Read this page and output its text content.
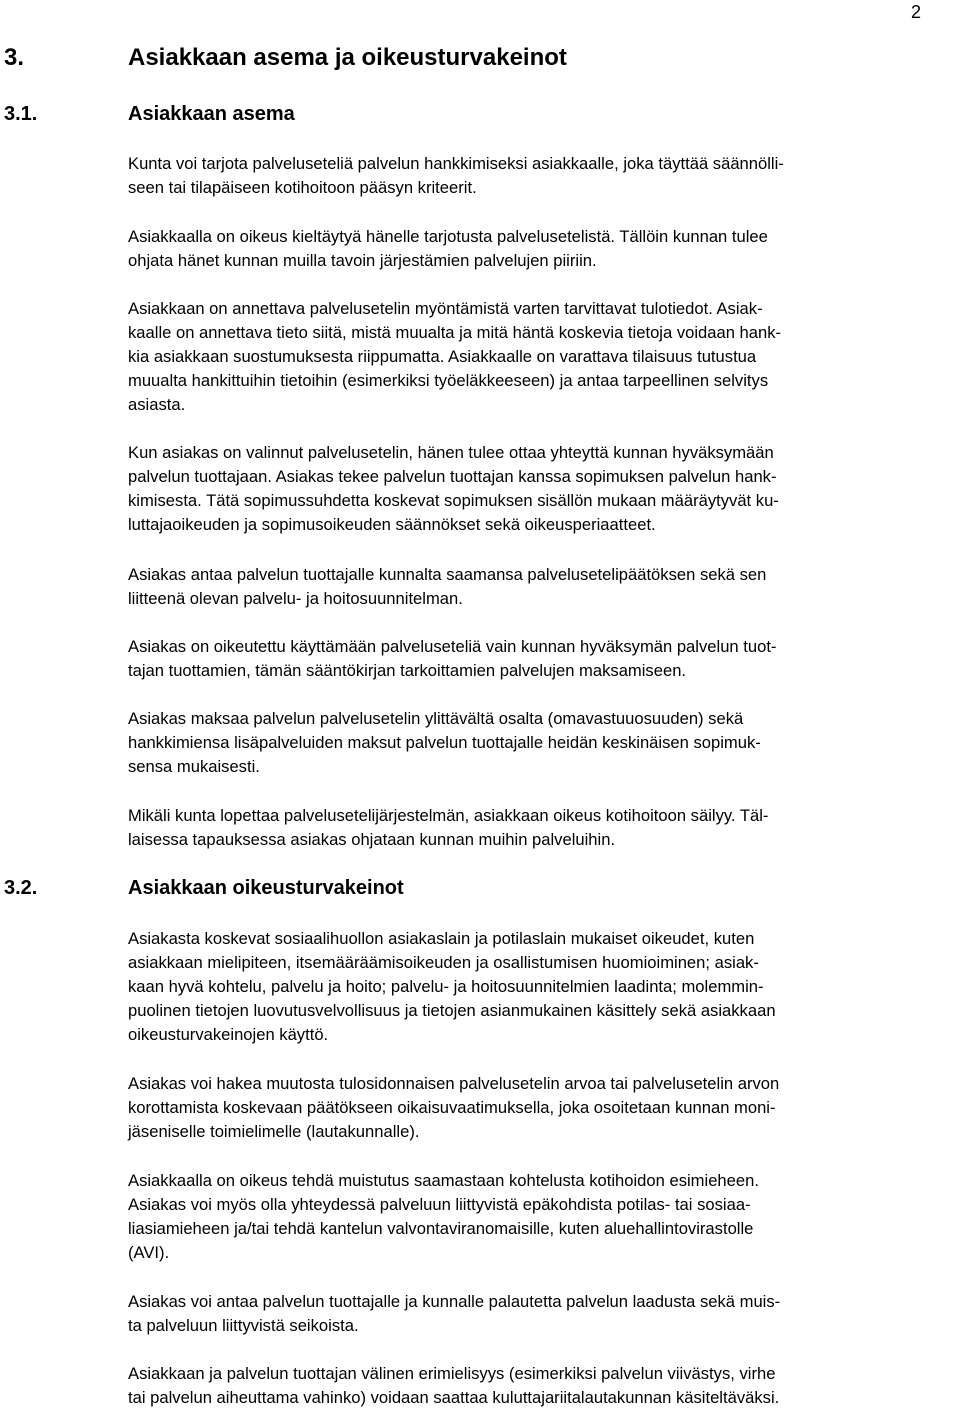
2
3.	Asiakkaan asema ja oikeusturvakeinot
3.1.	Asiakkaan asema
3.2.	Asiakkaan oikeusturvakeinot

Kunta voi tarjota palveluseteliä palvelun hankkimiseksi asiakkaalle, joka täyttää säännölli-
seen tai tilapäiseen kotihoitoon pääsyn kriteerit.

Asiakkaalla on oikeus kieltäytyä hänelle tarjotusta palvelusetelistä. Tällöin kunnan tulee
ohjata hänet kunnan muilla tavoin järjestämien palvelujen piiriin.

Asiakkaan on annettava palvelusetelin myöntämistä varten tarvittavat tulotiedot. Asiak-
kaalle on annettava tieto siitä, mistä muualta ja mitä häntä koskevia tietoja voidaan hank-
kia asiakkaan suostumuksesta riippumatta. Asiakkaalle on varattava tilaisuus tutustua
muualta hankittuihin tietoihin (esimerkiksi työeläkkeeseen) ja antaa tarpeellinen selvitys
asiasta.

Kun asiakas on valinnut palvelusetelin, hänen tulee ottaa yhteyttä kunnan hyväksymään
palvelun tuottajaan. Asiakas tekee palvelun tuottajan kanssa sopimuksen palvelun hank-
kimisesta. Tätä sopimussuhdetta koskevat sopimuksen sisällön mukaan määräytyvät ku-
luttajaoikeuden ja sopimusoikeuden säännökset sekä oikeusperiaatteet.

Asiakas antaa palvelun tuottajalle kunnalta saamansa palvelusetelipäätöksen sekä sen
liitteenä olevan palvelu- ja hoitosuunnitelman.

Asiakas on oikeutettu käyttämään palveluseteliä vain kunnan hyväksymän palvelun tuot-
tajan tuottamien, tämän sääntökirjan tarkoittamien palvelujen maksamiseen.

Asiakas maksaa palvelun palvelusetelin ylittävältä osalta (omavastuuosuuden) sekä
hankkimiensa lisäpalveluiden maksut palvelun tuottajalle heidän keskinäisen sopimuk-
sensa mukaisesti.

Mikäli kunta lopettaa palvelusetelijärjestelmän, asiakkaan oikeus kotihoitoon säilyy. Täl-
laisessa tapauksessa asiakas ohjataan kunnan muihin palveluihin.

Asiakasta koskevat sosiaalihuollon asiakaslain ja potilaslain mukaiset oikeudet, kuten
asiakkaan mielipiteen, itsemääräämisoikeuden ja osallistumisen huomioiminen; asiak-
kaan hyvä kohtelu, palvelu ja hoito; palvelu- ja hoitosuunnitelmien laadinta; molemmin-
puolinen tietojen luovutusvelvollisuus ja tietojen asianmukainen käsittely sekä asiakkaan
oikeusturvakeinojen käyttö.

Asiakas voi hakea muutosta tulosidonnaisen palvelusetelin arvoa tai palvelusetelin arvon
korottamista koskevaan päätökseen oikaisuvaatimuksella, joka osoitetaan kunnan moni-
jäseniselle toimielimelle (lautakunnalle).

Asiakkaalla on oikeus tehdä muistutus saamastaan kohtelusta kotihoidon esimieheen.
Asiakas voi myös olla yhteydessä palveluun liittyvistä epäkohdista potilas- tai sosiaa-
liasiamieheen ja/tai tehdä kantelun valvontaviranomaisille, kuten aluehallintovirastolle
(AVI).

Asiakas voi antaa palvelun tuottajalle ja kunnalle palautetta palvelun laadusta sekä muis-
ta palveluun liittyvistä seikoista.

Asiakkaan ja palvelun tuottajan välinen erimielisyys (esimerkiksi palvelun viivästys, virhe
tai palvelun aiheuttama vahinko) voidaan saattaa kuluttajariitalautakunnan käsiteltäväksi.
